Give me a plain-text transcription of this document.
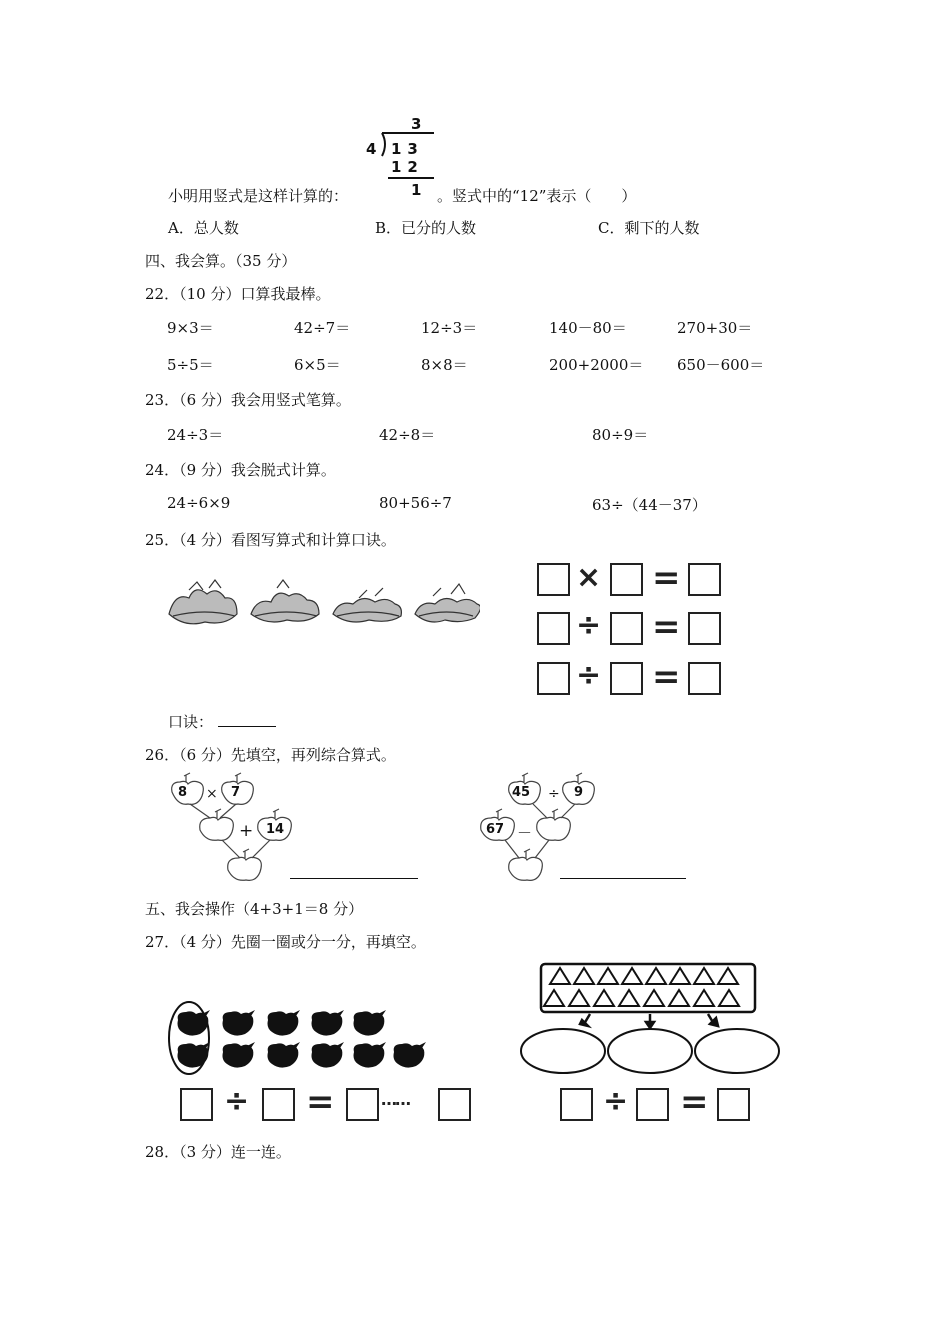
3
4 13
12
1
小明用竖式是这样计算的：	。竖式中的“12”表示（　　）
A．总人数	B．已分的人数	C．剩下的人数
四、我会算。（35 分）
22．（10 分）口算我最棒。
9×3＝	42÷7＝	12÷3＝	140－80＝	270+30＝
5÷5＝	6×5＝	8×8＝	200+2000＝ 650－600＝
23．（6 分）我会用竖式笔算。
24÷3＝	42÷8＝	80÷9＝
24．（9 分）我会脱式计算。
24÷6×9	80+56÷7	63÷（44－37）
25．（4 分）看图写算式和计算口诀。
× =
÷ =
÷ =
口诀：
26．（6 分）先填空，再列综合算式。
8 × 7
+ 14
45 ÷ 9
67 －
五、我会操作（4+3+1＝8 分）
27．（4 分）先圈一圈或分一分，再填空。
÷ =	……	÷ =
28．（3 分）连一连。
